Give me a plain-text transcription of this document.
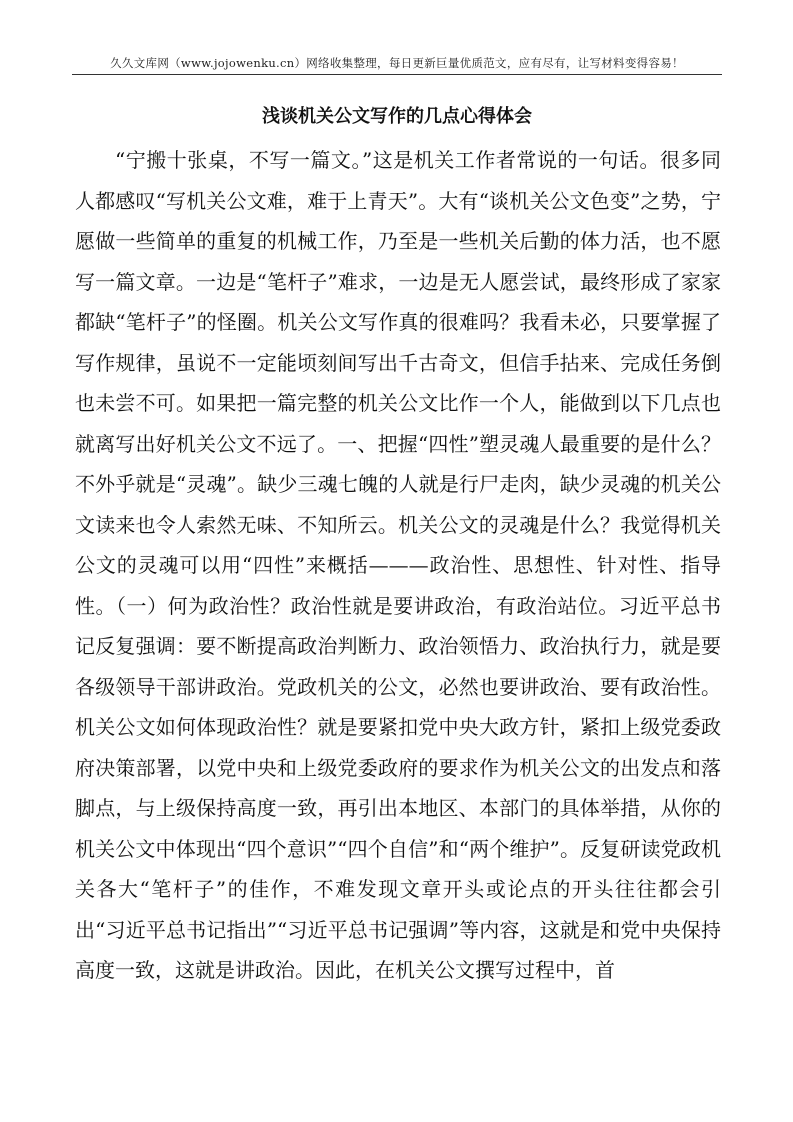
久久文库网（www.jojowenku.cn）网络收集整理，每日更新巨量优质范文，应有尽有，让写材料变得容易！
浅谈机关公文写作的几点心得体会

“宁搬十张桌，不写一篇文。”这是机关工作者常说的一句话。很多同人都感叹“写机关公文难，难于上青天”。大有“谈机关公文色变”之势，宁愿做一些简单的重复的机械工作，乃至是一些机关后勤的体力活，也不愿写一篇文章。一边是“笔杆子”难求，一边是无人愿尝试，最终形成了家家都缺“笔杆子”的怪圈。机关公文写作真的很难吗？我看未必，只要掌握了写作规律，虽说不一定能顷刻间写出千古奇文，但信手拈来、完成任务倒也未尝不可。如果把一篇完整的机关公文比作一个人，能做到以下几点也就离写出好机关公文不远了。一、把握“四性”塑灵魂人最重要的是什么？不外乎就是“灵魂”。缺少三魂七魄的人就是行尸走肉，缺少灵魂的机关公文读来也令人索然无味、不知所云。机关公文的灵魂是什么？我觉得机关公文的灵魂可以用“四性”来概括———政治性、思想性、针对性、指导性。（一）何为政治性？政治性就是要讲政治，有政治站位。习近平总书记反复强调：要不断提高政治判断力、政治领悟力、政治执行力，就是要各级领导干部讲政治。党政机关的公文，必然也要讲政治、要有政治性。机关公文如何体现政治性？就是要紧扣党中央大政方针，紧扣上级党委政府决策部署，以党中央和上级党委政府的要求作为机关公文的出发点和落脚点，与上级保持高度一致，再引出本地区、本部门的具体举措，从你的机关公文中体现出“四个意识”“四个自信”和“两个维护”。反复研读党政机关各大“笔杆子”的佳作，不难发现文章开头或论点的开头往往都会引出“习近平总书记指出”“习近平总书记强调”等内容，这就是和党中央保持高度一致，这就是讲政治。因此，在机关公文撰写过程中，首
